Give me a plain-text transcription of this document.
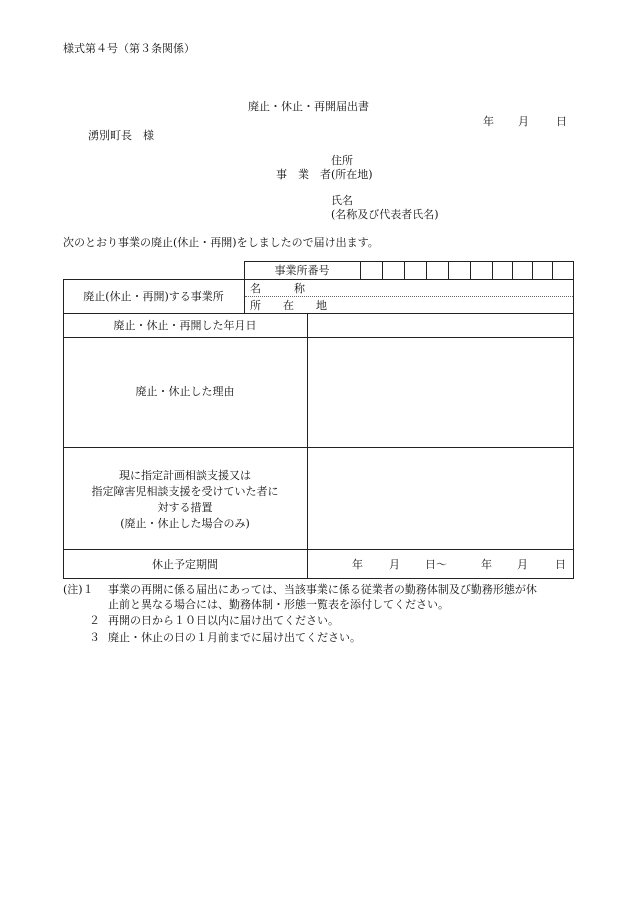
様式第４号（第３条関係）
廃止・休止・再開届出書
年 月 日
湧別町長　様
住所
事　業　者(所在地)
氏名
(名称及び代表者氏名)
次のとおり事業の廃止(休止・再開)をしましたので届け出ます。
事業所番号
廃止(休止・再開)する事業所
名　　　称
所　　在　　地
廃止・休止・再開した年月日
廃止・休止した理由
現に指定計画相談支援又は
指定障害児相談支援を受けていた者に
対する措置
(廃止・休止した場合のみ)
休止予定期間	年 月 日～	年 月 日
(注)１ 事業の再開に係る届出にあっては、当該事業に係る従業者の勤務体制及び勤務形態が休
止前と異なる場合には、勤務体制・形態一覧表を添付してください。
２ 再開の日から１０日以内に届け出てください。
３ 廃止・休止の日の１月前までに届け出てください。
